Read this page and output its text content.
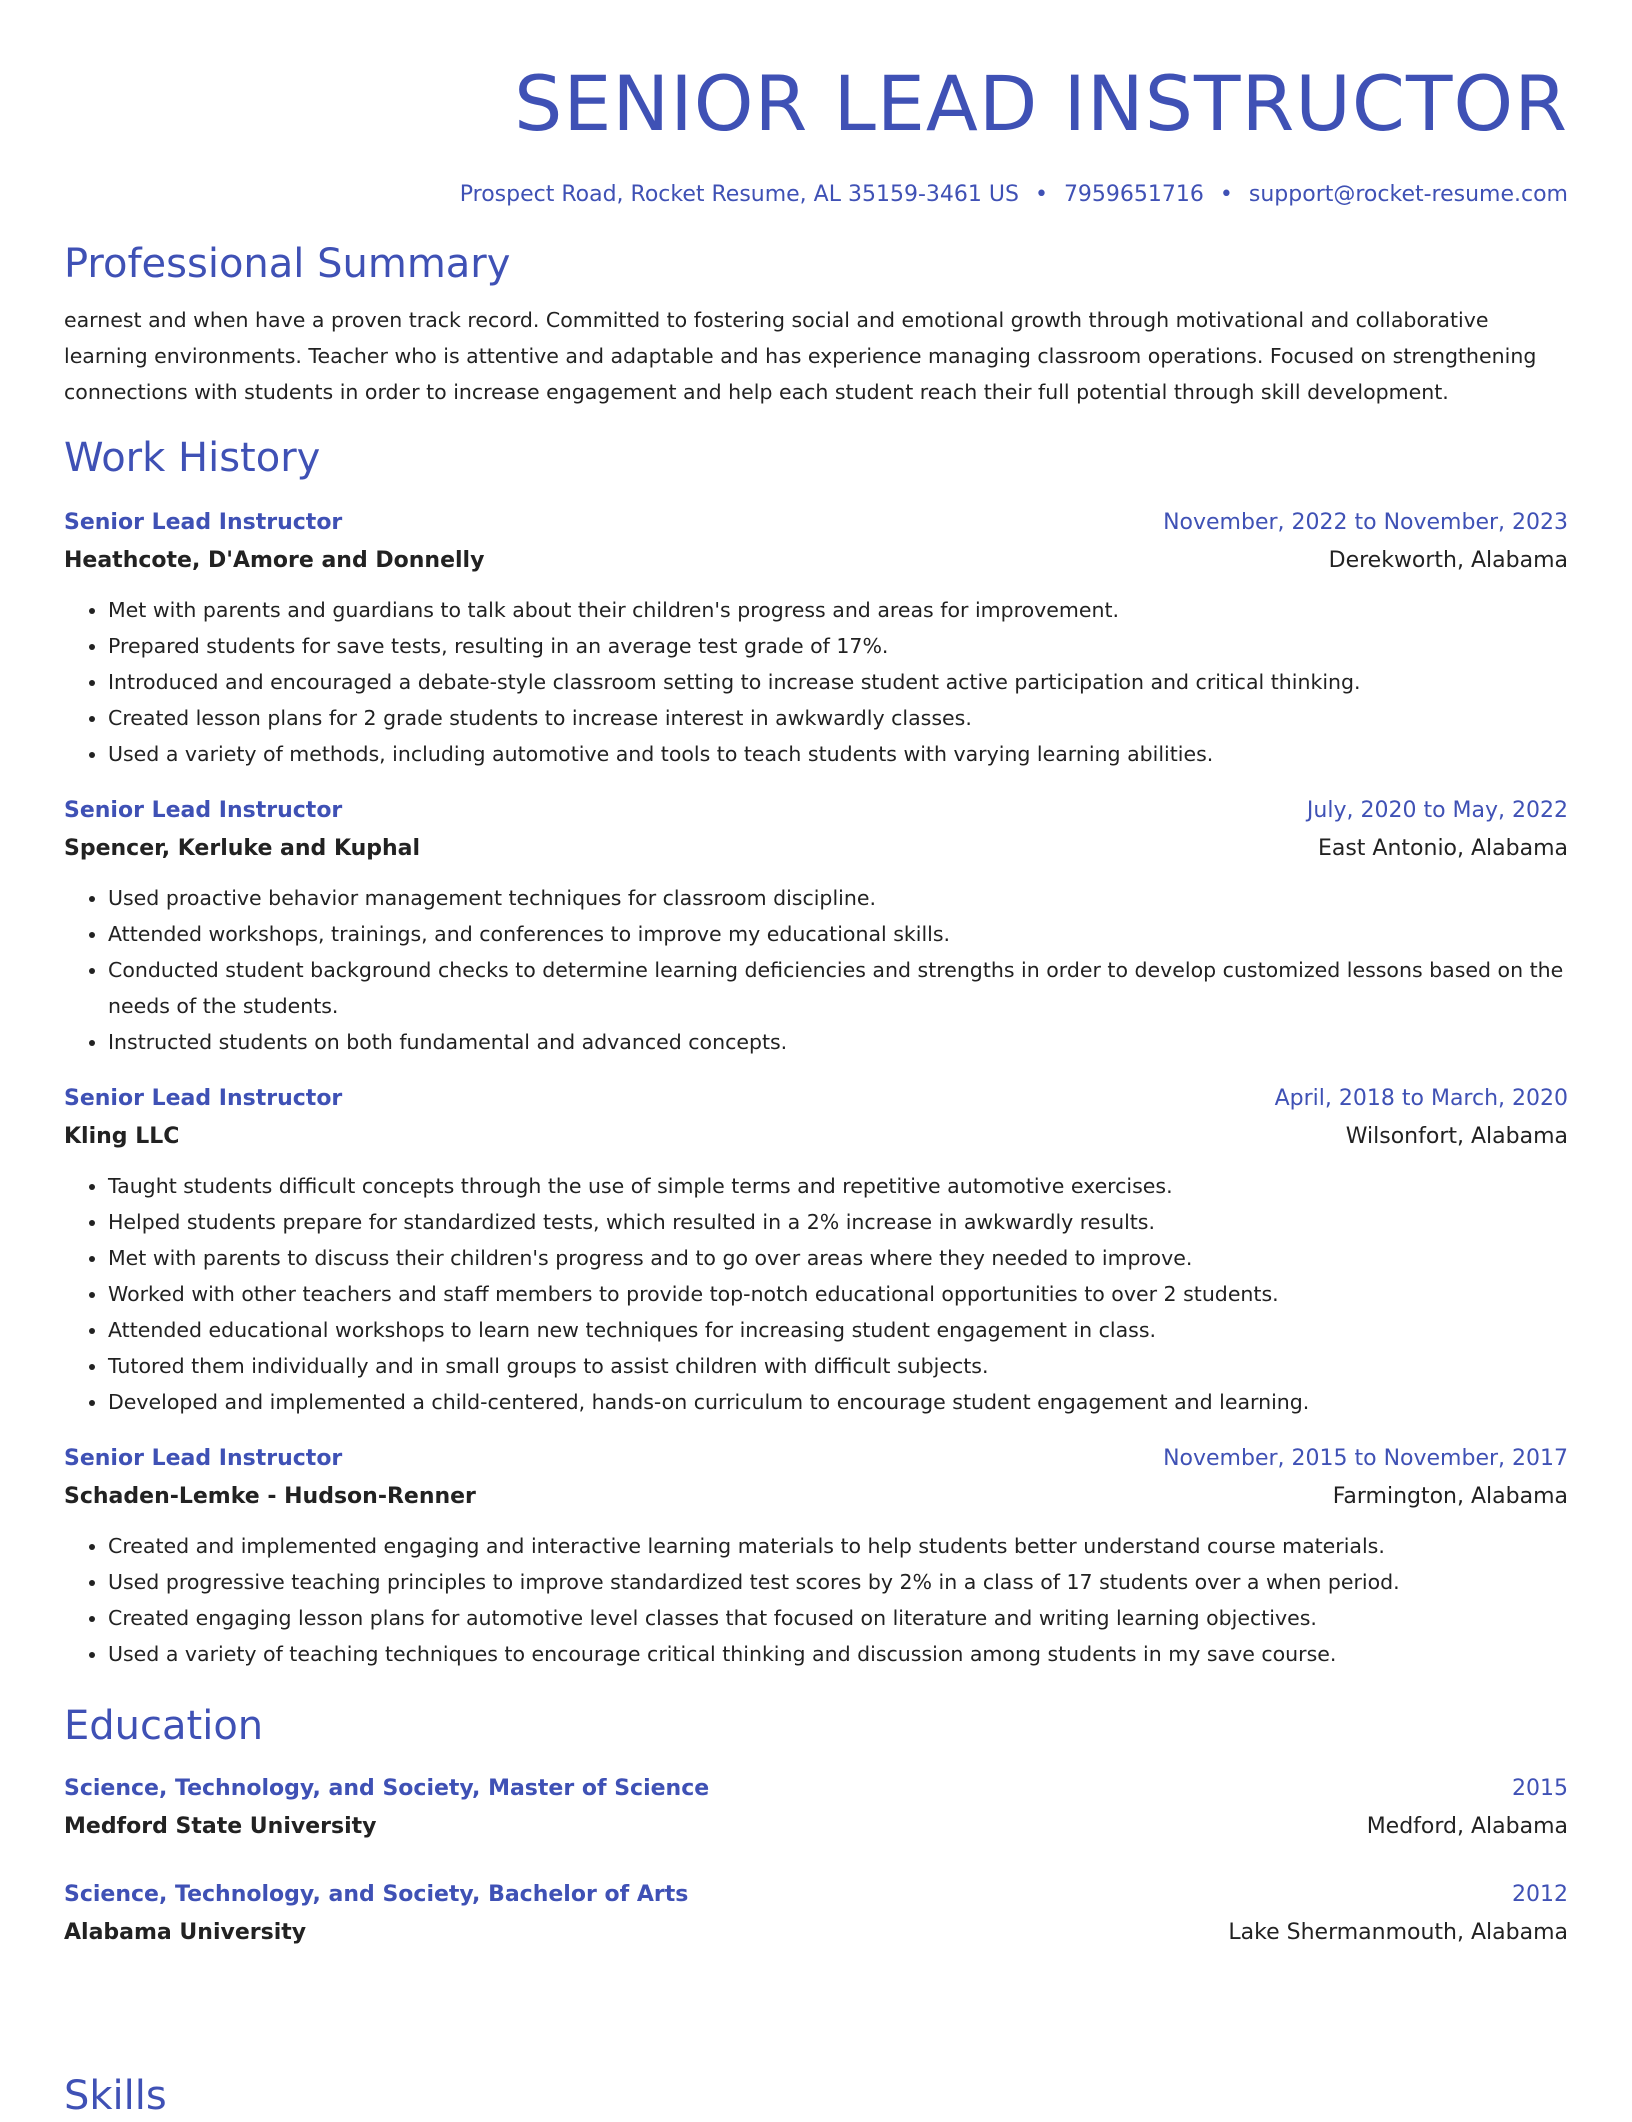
SENIOR LEAD INSTRUCTOR
Prospect Road, Rocket Resume, AL 35159-3461 US • 7959651716 • support@rocket-resume.com
Professional Summary
earnest and when have a proven track record. Committed to fostering social and emotional growth through motivational and collaborative learning environments. Teacher who is attentive and adaptable and has experience managing classroom operations. Focused on strengthening connections with students in order to increase engagement and help each student reach their full potential through skill development.
Work History
Senior Lead Instructor	November, 2022 to November, 2023
Heathcote, D'Amore and Donnelly	Derekworth, Alabama
• Met with parents and guardians to talk about their children's progress and areas for improvement.
• Prepared students for save tests, resulting in an average test grade of 17%.
• Introduced and encouraged a debate-style classroom setting to increase student active participation and critical thinking.
• Created lesson plans for 2 grade students to increase interest in awkwardly classes.
• Used a variety of methods, including automotive and tools to teach students with varying learning abilities.
Senior Lead Instructor	July, 2020 to May, 2022
Spencer, Kerluke and Kuphal	East Antonio, Alabama
• Used proactive behavior management techniques for classroom discipline.
• Attended workshops, trainings, and conferences to improve my educational skills.
• Conducted student background checks to determine learning deficiencies and strengths in order to develop customized lessons based on the needs of the students.
• Instructed students on both fundamental and advanced concepts.
Senior Lead Instructor	April, 2018 to March, 2020
Kling LLC	Wilsonfort, Alabama
• Taught students difficult concepts through the use of simple terms and repetitive automotive exercises.
• Helped students prepare for standardized tests, which resulted in a 2% increase in awkwardly results.
• Met with parents to discuss their children's progress and to go over areas where they needed to improve.
• Worked with other teachers and staff members to provide top-notch educational opportunities to over 2 students.
• Attended educational workshops to learn new techniques for increasing student engagement in class.
• Tutored them individually and in small groups to assist children with difficult subjects.
• Developed and implemented a child-centered, hands-on curriculum to encourage student engagement and learning.
Senior Lead Instructor	November, 2015 to November, 2017
Schaden-Lemke - Hudson-Renner	Farmington, Alabama
• Created and implemented engaging and interactive learning materials to help students better understand course materials.
• Used progressive teaching principles to improve standardized test scores by 2% in a class of 17 students over a when period.
• Created engaging lesson plans for automotive level classes that focused on literature and writing learning objectives.
• Used a variety of teaching techniques to encourage critical thinking and discussion among students in my save course.
Education
Science, Technology, and Society, Master of Science	2015
Medford State University	Medford, Alabama
Science, Technology, and Society, Bachelor of Arts	2012
Alabama University	Lake Shermanmouth, Alabama
Skills
